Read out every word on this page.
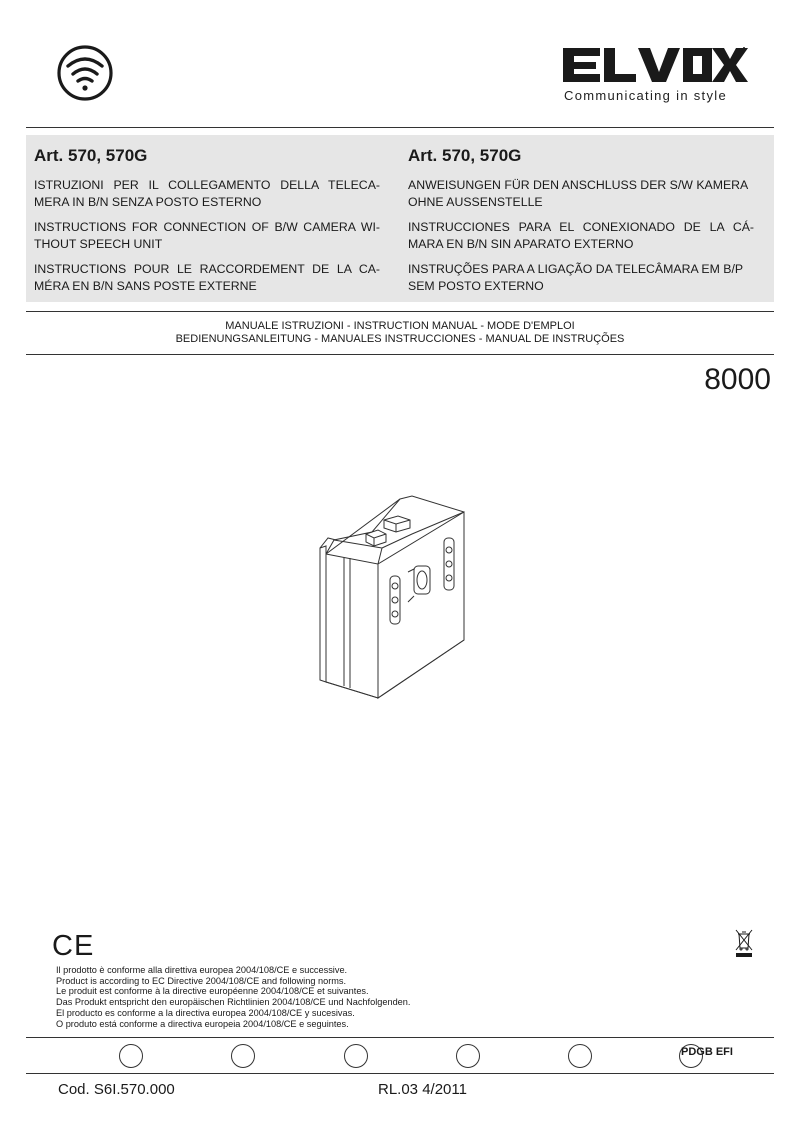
Communicating in style
Art. 570, 570G

ISTRUZIONI PER IL COLLEGAMENTO DELLA TELECA- MERA IN B/N SENZA POSTO ESTERNO

INSTRUCTIONS FOR CONNECTION OF B/W CAMERA WI- THOUT SPEECH UNIT

INSTRUCTIONS POUR LE RACCORDEMENT DE LA CA- MÉRA EN B/N SANS POSTE EXTERNE

Art. 570, 570G

ANWEISUNGEN FÜR DEN ANSCHLUSS DER S/W KAMERA OHNE AUSSENSTELLE

INSTRUCCIONES PARA EL CONEXIONADO DE LA CÁ- MARA EN B/N SIN APARATO EXTERNO

INSTRUÇÕES PARA A LIGAÇÃO DA TELECÂMARA EM B/P SEM POSTO EXTERNO

MANUALE ISTRUZIONI - INSTRUCTION MANUAL - MODE D'EMPLOI
BEDIENUNGSANLEITUNG - MANUALES INSTRUCCIONES - MANUAL DE INSTRUÇÕES
8000
CE
Il prodotto è conforme alla direttiva europea 2004/108/CE e successive.
Product is according to EC Directive 2004/108/CE and following norms.
Le produit est conforme à la directive européenne 2004/108/CE et suivantes.
Das Produkt entspricht den europäischen Richtlinien 2004/108/CE und Nachfolgenden.
El producto es conforme a la directiva europea 2004/108/CE y sucesivas.
O produto está conforme a directiva europeia 2004/108/CE e seguintes.
PDGB EFI
Cod. S6I.570.000	RL.03 4/2011
